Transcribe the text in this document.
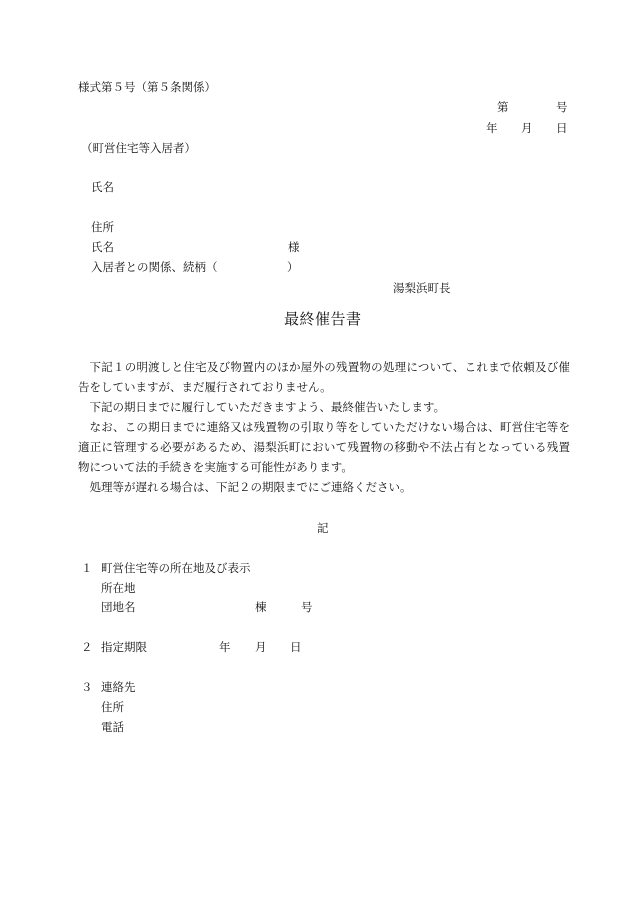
様式第５号（第５条関係）
第	号
年 月 日
（町営住宅等入居者）
氏名
住所
氏名	様
入居者との関係、続柄（	）
湯梨浜町長
最終催告書

下記１の明渡しと住宅及び物置内のほか屋外の残置物の処理について、これまで依頼及び催告をしていますが、まだ履行されておりません。

下記の期日までに履行していただきますよう、最終催告いたします。

なお、この期日までに連絡又は残置物の引取り等をしていただけない場合は、町営住宅等を適正に管理する必要があるため、湯梨浜町において残置物の移動や不法占有となっている残置物について法的手続きを実施する可能性があります。

処理等が遅れる場合は、下記２の期限までにご連絡ください。

記
１ 町営住宅等の所在地及び表示
所在地
団地名	棟	号
２ 指定期限	年 月 日
３ 連絡先
住所
電話
